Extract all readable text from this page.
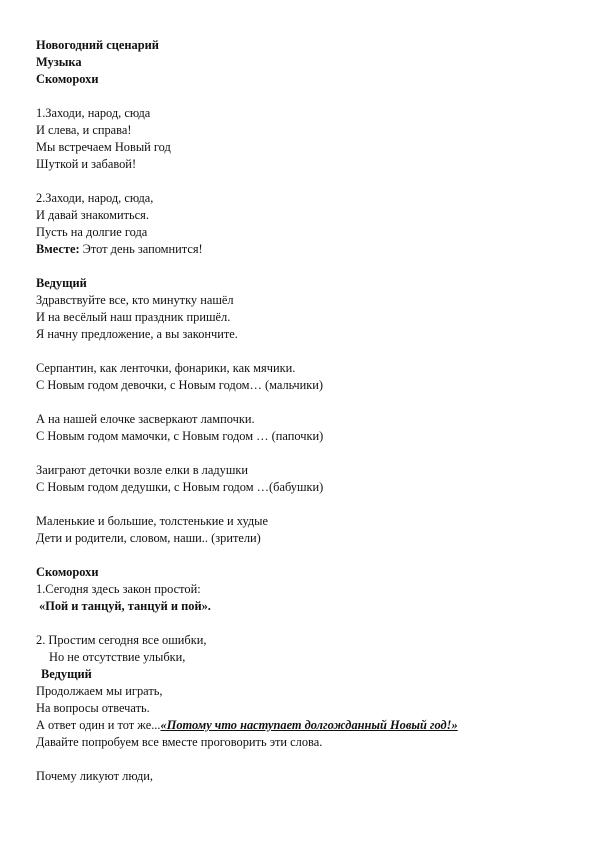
Новогодний сценарий
Музыка
Скоморохи
1.Заходи, народ, сюда
И слева, и справа!
Мы встречаем Новый год
Шуткой и забавой!
2.Заходи, народ, сюда,
И давай знакомиться.
Пусть на долгие года
Вместе: Этот день запомнится!
Ведущий
Здравствуйте все, кто минутку нашёл
И на весёлый наш праздник пришёл.
Я начну предложение, а вы закончите.
Серпантин, как ленточки, фонарики, как мячики.
С Новым годом девочки, с Новым годом… (мальчики)
А на нашей елочке засверкают лампочки.
С Новым годом мамочки, с Новым годом … (папочки)
Заиграют деточки возле елки в ладушки
С Новым годом дедушки, с Новым годом …(бабушки)
Маленькие и большие, толстенькие и худые
Дети и родители, словом, наши.. (зрители)
Скоморохи
1.Сегодня здесь закон простой:
«Пой и танцуй, танцуй и пой».
2. Простим сегодня все ошибки,
Но не отсутствие улыбки,
Ведущий
Продолжаем мы играть,
На вопросы отвечать.
А ответ один и тот же...«Потому что наступает долгожданный Новый год!»
Давайте попробуем все вместе проговорить эти слова.
Почему ликуют люди,
